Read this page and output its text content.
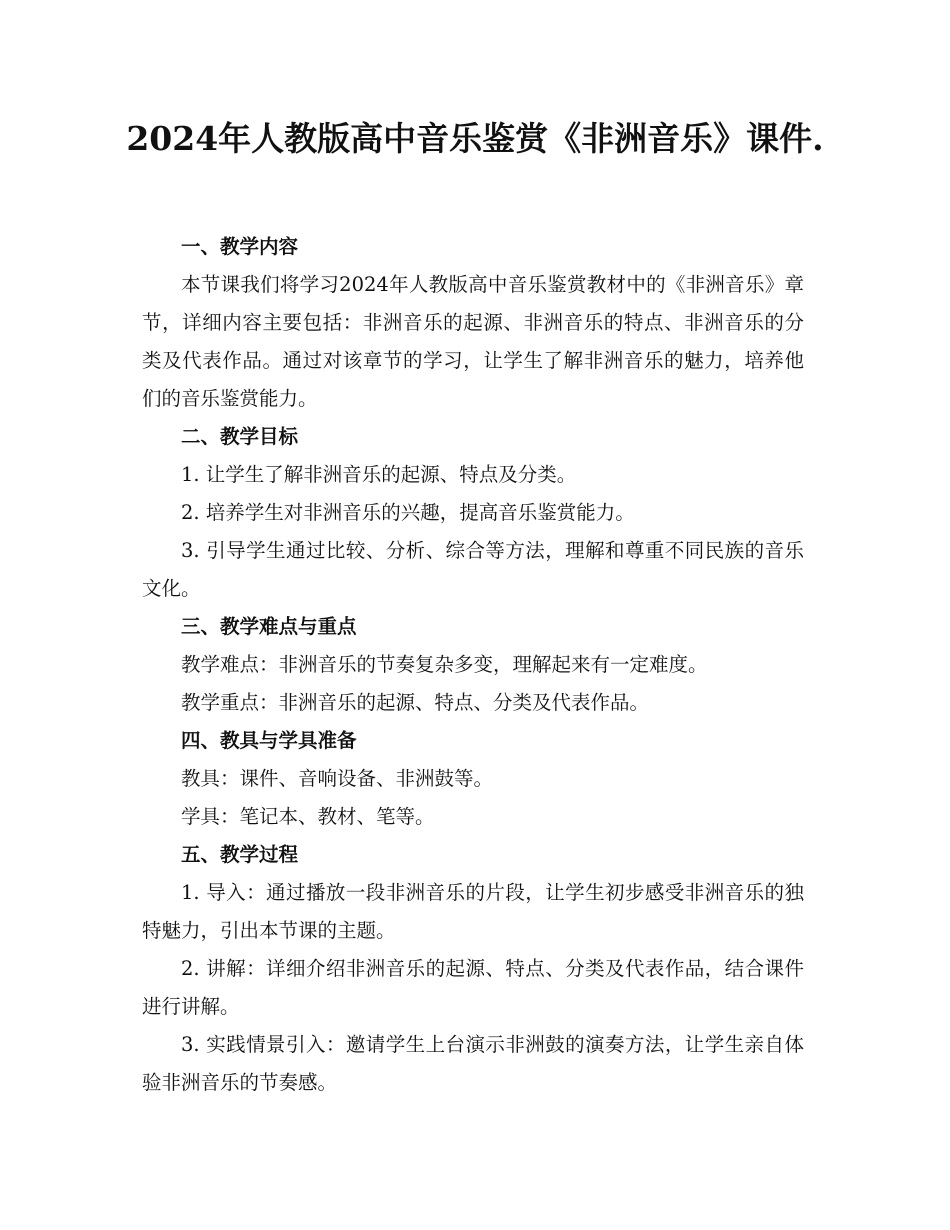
2024年人教版高中音乐鉴赏《非洲音乐》课件.

一、教学内容

本节课我们将学习2024年人教版高中音乐鉴赏教材中的《非洲音乐》章节，详细内容主要包括：非洲音乐的起源、非洲音乐的特点、非洲音乐的分类及代表作品。通过对该章节的学习，让学生了解非洲音乐的魅力，培养他们的音乐鉴赏能力。

二、教学目标

1. 让学生了解非洲音乐的起源、特点及分类。

2. 培养学生对非洲音乐的兴趣，提高音乐鉴赏能力。

3. 引导学生通过比较、分析、综合等方法，理解和尊重不同民族的音乐文化。

三、教学难点与重点

教学难点：非洲音乐的节奏复杂多变，理解起来有一定难度。

教学重点：非洲音乐的起源、特点、分类及代表作品。

四、教具与学具准备

教具：课件、音响设备、非洲鼓等。

学具：笔记本、教材、笔等。

五、教学过程

1. 导入：通过播放一段非洲音乐的片段，让学生初步感受非洲音乐的独特魅力，引出本节课的主题。

2. 讲解：详细介绍非洲音乐的起源、特点、分类及代表作品，结合课件进行讲解。

3. 实践情景引入：邀请学生上台演示非洲鼓的演奏方法，让学生亲自体验非洲音乐的节奏感。
